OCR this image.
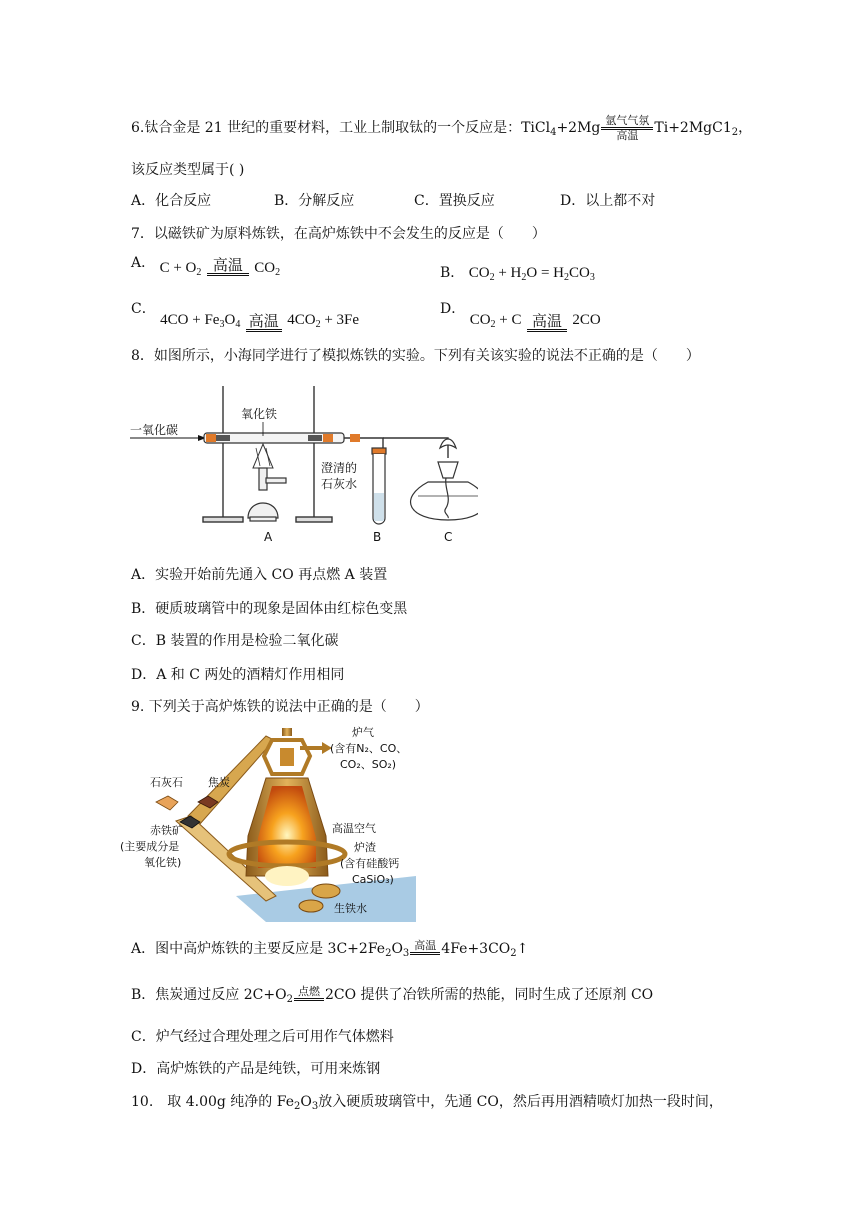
6.钛合金是 21 世纪的重要材料，工业上制取钛的一个反应是：TiCl$_4$+2Mg 氩气气氛
高温	$Ti+2MgC1_2$，
该反应类型属于( )
A．化合反应	B．分解反应	C．置换反应	D．以上都不对
7．以磁铁矿为原料炼铁，在高炉炼铁中不会发生的反应是（　　）
A． $C + O_2$ 高温 $CO_2$	B． $CO_2 + H_2O = H_2CO_3$
C． $4CO + Fe_3O_4$ 高温 $4CO_2 + 3Fe$
D． $CO_2 + C$ 高温 2CO
8．如图所示，小海同学进行了模拟炼铁的实验。下列有关该实验的说法不正确的是（　　）
一氧化碳
氧化铁
A
澄清的
石灰水
B	C
A．实验开始前先通入 CO 再点燃 A 装置
B．硬质玻璃管中的现象是固体由红棕色变黑
C．B 装置的作用是检验二氧化碳
D．A 和 C 两处的酒精灯作用相同
9. 下列关于高炉炼铁的说法中正确的是（　　）
炉气
(含有N₂、CO、
CO₂、SO₂)
石灰石 焦炭
赤铁矿
(主要成分是
氧化铁)
高温空气
炉渣
(含有硅酸钙
CaSiO₃)
生铁水
A．图中高炉炼铁的主要反应是 $3C+2Fe_2O_3$
高温 $4Fe+3CO_2↑$
B．焦炭通过反应 $2C+O_2$
点燃 2CO 提供了冶铁所需的热能，同时生成了还原剂 CO
C．炉气经过合理处理之后可用作气体燃料
D．高炉炼铁的产品是纯铁，可用来炼钢
10.　取 4.00g 纯净的 $Fe_2O_3$放入硬质玻璃管中，先通 CO，然后再用酒精喷灯加热一段时间，
